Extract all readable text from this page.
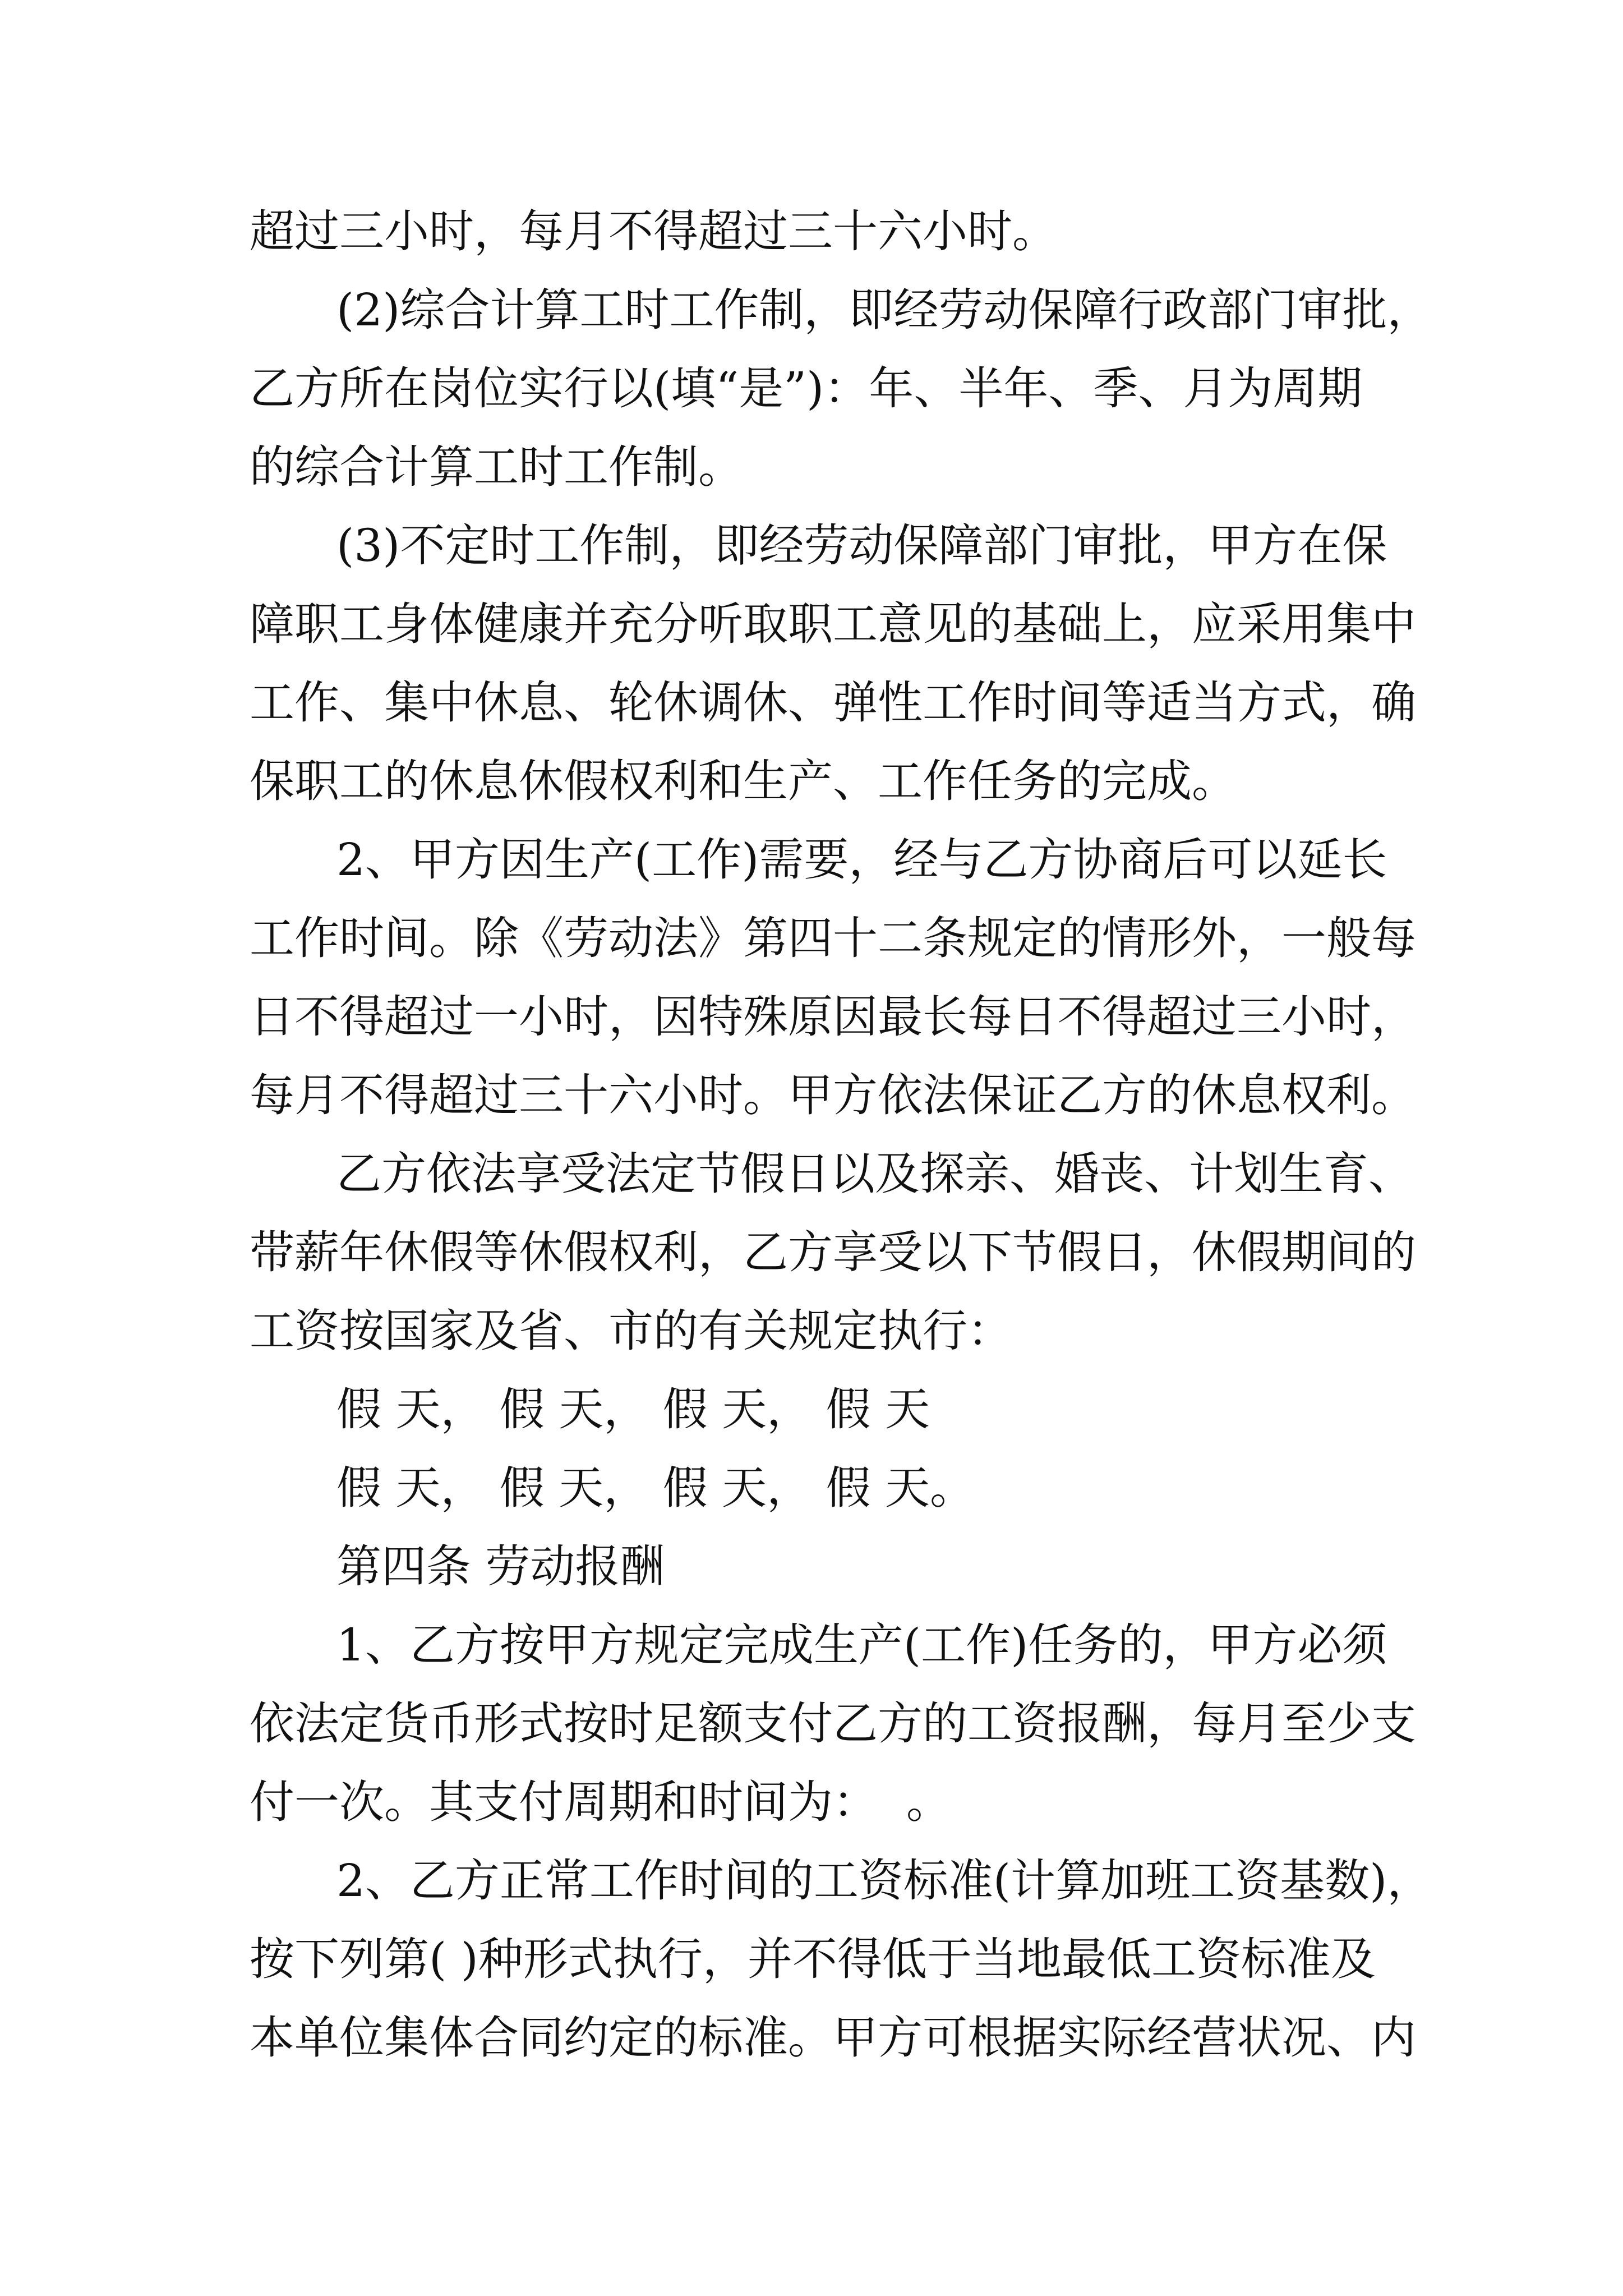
超过三小时，每月不得超过三十六小时。

(2)综合计算工时工作制，即经劳动保障行政部门审批，

乙方所在岗位实行以(填“是”)：年、半年、季、月为周期

的综合计算工时工作制。

(3)不定时工作制，即经劳动保障部门审批，甲方在保

障职工身体健康并充分听取职工意见的基础上，应采用集中

工作、集中休息、轮休调休、弹性工作时间等适当方式，确

保职工的休息休假权利和生产、工作任务的完成。

2、甲方因生产(工作)需要，经与乙方协商后可以延长

工作时间。除《劳动法》第四十二条规定的情形外，一般每

日不得超过一小时，因特殊原因最长每日不得超过三小时，

每月不得超过三十六小时。甲方依法保证乙方的休息权利。

乙方依法享受法定节假日以及探亲、婚丧、计划生育、

带薪年休假等休假权利，乙方享受以下节假日，休假期间的

工资按国家及省、市的有关规定执行：

假 天， 假 天， 假 天， 假 天

假 天， 假 天， 假 天， 假 天。

第四条 劳动报酬

1、乙方按甲方规定完成生产(工作)任务的，甲方必须

依法定货币形式按时足额支付乙方的工资报酬，每月至少支

付一次。其支付周期和时间为：  。

2、乙方正常工作时间的工资标准(计算加班工资基数)，

按下列第( )种形式执行，并不得低于当地最低工资标准及

本单位集体合同约定的标准。甲方可根据实际经营状况、内
